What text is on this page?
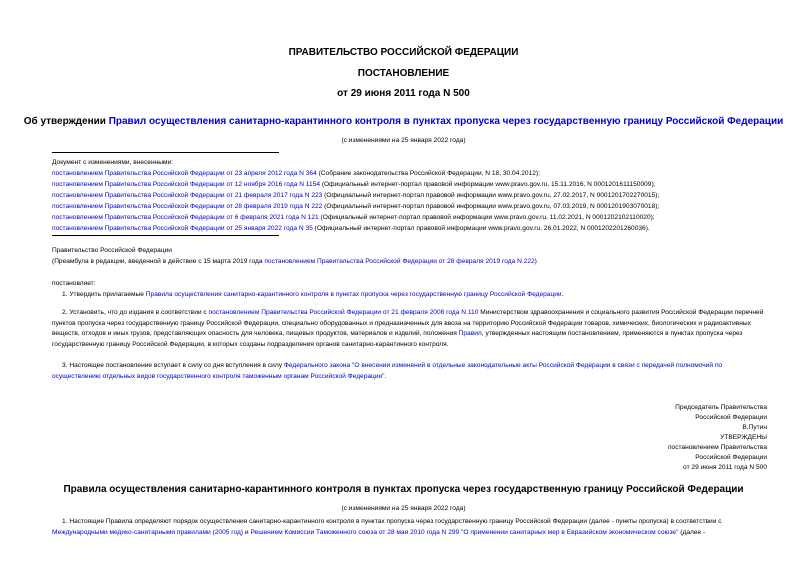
ПРАВИТЕЛЬСТВО РОССИЙСКОЙ ФЕДЕРАЦИИ
ПОСТАНОВЛЕНИЕ
от 29 июня 2011 года N 500
Об утверждении Правил осуществления санитарно-карантинного контроля в пунктах пропуска через государственную границу Российской Федерации
(с изменениями на 25 января 2022 года)
Документ с изменениями, внесенными:
постановлением Правительства Российской Федерации от 23 апреля 2012 года N 364 (Собрание законодательства Российской Федерации, N 18, 30.04.2012);
постановлением Правительства Российской Федерации от 12 ноября 2016 года N 1154 (Официальный интернет-портал правовой информации www.pravo.gov.ru, 15.11.2016, N 0001201611150009);
постановлением Правительства Российской Федерации от 21 февраля 2017 года N 223 (Официальный интернет-портал правовой информации www.pravo.gov.ru, 27.02.2017, N 0001201702270015);
постановлением Правительства Российской Федерации от 28 февраля 2019 года N 222 (Официальный интернет-портал правовой информации www.pravo.gov.ru, 07.03.2019, N 0001201903070018);
постановлением Правительства Российской Федерации от 6 февраля 2021 года N 121 (Официальный интернет-портал правовой информации www.pravo.gov.ru, 11.02.2021, N 0001202102110020);
постановлением Правительства Российской Федерации от 25 января 2022 года N 35 (Официальный интернет-портал правовой информации www.pravo.gov.ru, 26.01.2022, N 0001202201260036).
Правительство Российской Федерации
(Преамбула в редакции, введенной в действие с 15 марта 2019 года постановлением Правительства Российской Федерации от 28 февраля 2019 года N 222)
постановляет:
1. Утвердить прилагаемые Правила осуществления санитарно-карантинного контроля в пунктах пропуска через государственную границу Российской Федерации.
2. Установить, что до издания в соответствии с постановлением Правительства Российской Федерации от 21 февраля 2008 года N 110 Министерством здравоохранения и социального развития Российской Федерации перечней пунктов пропуска через государственную границу Российской Федерации, специально оборудованных и предназначенных для ввоза на территорию Российской Федерации товаров, химических, биологических и радиоактивных веществ, отходов и иных грузов, представляющих опасность для человека, пищевых продуктов, материалов и изделий, положения Правил, утвержденных настоящим постановлением, применяются в пунктах пропуска через государственную границу Российской Федерации, в которых созданы подразделения органов санитарно-карантинного контроля.
3. Настоящее постановление вступает в силу со дня вступления в силу Федерального закона "О внесении изменений в отдельные законодательные акты Российской Федерации в связи с передачей полномочий по осуществлению отдельных видов государственного контроля таможенным органам Российской Федерации".
Председатель Правительства
Российской Федерации
В.Путин
УТВЕРЖДЕНЫ
постановлением Правительства
Российской Федерации
от 29 июня 2011 года N 500
Правила осуществления санитарно-карантинного контроля в пунктах пропуска через государственную границу Российской Федерации
(с изменениями на 25 января 2022 года)
1. Настоящие Правила определяют порядок осуществления санитарно-карантинного контроля в пунктах пропуска через государственную границу Российской Федерации (далее - пункты пропуска) в соответствии с Международными медико-санитарными правилами (2005 год) и Решением Комиссии Таможенного союза от 28 мая 2010 года N 299 "О применении санитарных мер в Евразийском экономическом союзе" (далее -
